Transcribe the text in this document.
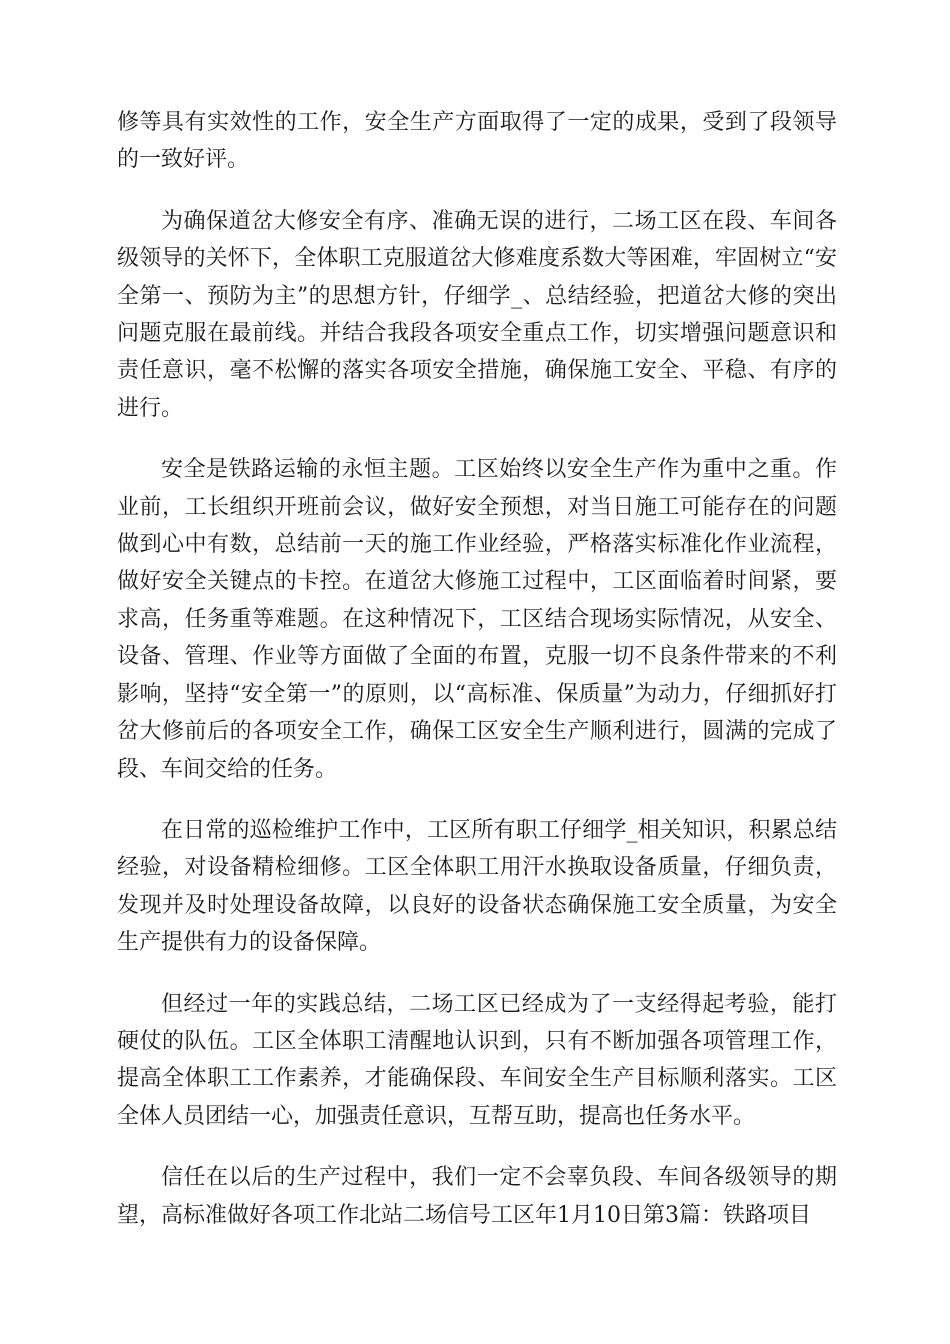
修等具有实效性的工作，安全生产方面取得了一定的成果，受到了段领导的一致好评。

为确保道岔大修安全有序、准确无误的进行，二场工区在段、车间各级领导的关怀下，全体职工克服道岔大修难度系数大等困难，牢固树立“安全第一、预防为主”的思想方针，仔细学_、总结经验，把道岔大修的突出问题克服在最前线。并结合我段各项安全重点工作，切实增强问题意识和责任意识，毫不松懈的落实各项安全措施，确保施工安全、平稳、有序的进行。

安全是铁路运输的永恒主题。工区始终以安全生产作为重中之重。作业前，工长组织开班前会议，做好安全预想，对当日施工可能存在的问题做到心中有数，总结前一天的施工作业经验，严格落实标准化作业流程，做好安全关键点的卡控。在道岔大修施工过程中，工区面临着时间紧，要求高，任务重等难题。在这种情况下，工区结合现场实际情况，从安全、设备、管理、作业等方面做了全面的布置，克服一切不良条件带来的不利影响，坚持“安全第一”的原则，以“高标准、保质量”为动力，仔细抓好打岔大修前后的各项安全工作，确保工区安全生产顺利进行，圆满的完成了段、车间交给的任务。

在日常的巡检维护工作中，工区所有职工仔细学_相关知识，积累总结经验，对设备精检细修。工区全体职工用汗水换取设备质量，仔细负责，发现并及时处理设备故障，以良好的设备状态确保施工安全质量，为安全生产提供有力的设备保障。

但经过一年的实践总结，二场工区已经成为了一支经得起考验，能打硬仗的队伍。工区全体职工清醒地认识到，只有不断加强各项管理工作，提高全体职工工作素养，才能确保段、车间安全生产目标顺利落实。工区全体人员团结一心，加强责任意识，互帮互助，提高也任务水平。

信任在以后的生产过程中，我们一定不会辜负段、车间各级领导的期望，高标准做好各项工作北站二场信号工区年1月10日第3篇：铁路项目
